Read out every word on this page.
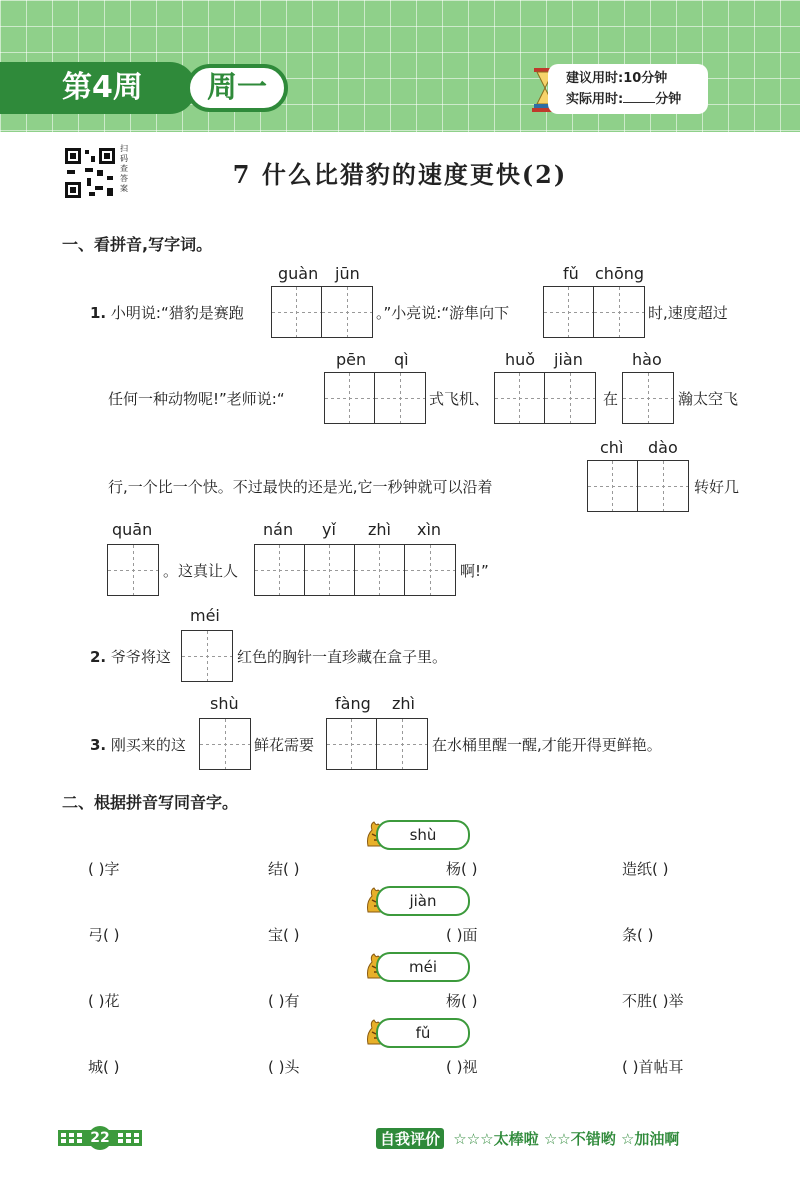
第4周	周一	建议用时:10分钟
实际用时: 分钟
扫码查答案	7 什么比猎豹的速度更快(2)
一、看拼音,写字词。
1. 小明说:“猎豹是赛跑
guàn jūn
。”小亮说:“游隼向下
fǔ chōng
时,速度超过
任何一种动物呢!”老师说:“
pēn qì
式飞机、
huǒ jiàn
在
hào
瀚太空飞
行,一个比一个快。不过最快的还是光,它一秒钟就可以沿着
chì dào
转好几
quān
。这真让人
nán yǐ zhì xìn
啊!”
méi
2. 爷爷将这	红色的胸针一直珍藏在盒子里。
shù
3. 刚买来的这	鲜花需要
fàng zhì
在水桶里醒一醒,才能开得更鲜艳。
二、根据拼音写同音字。
shù
( )字	结( )	杨( )	造纸( )
jiàn
弓( )	宝( )	( )面	条( )
méi
( )花	( )有	杨( )	不胜( )举
fǔ
城( )	( )头	( )视	( )首帖耳
22	自我评价 ☆☆☆太棒啦 ☆☆不错哟 ☆加油啊
